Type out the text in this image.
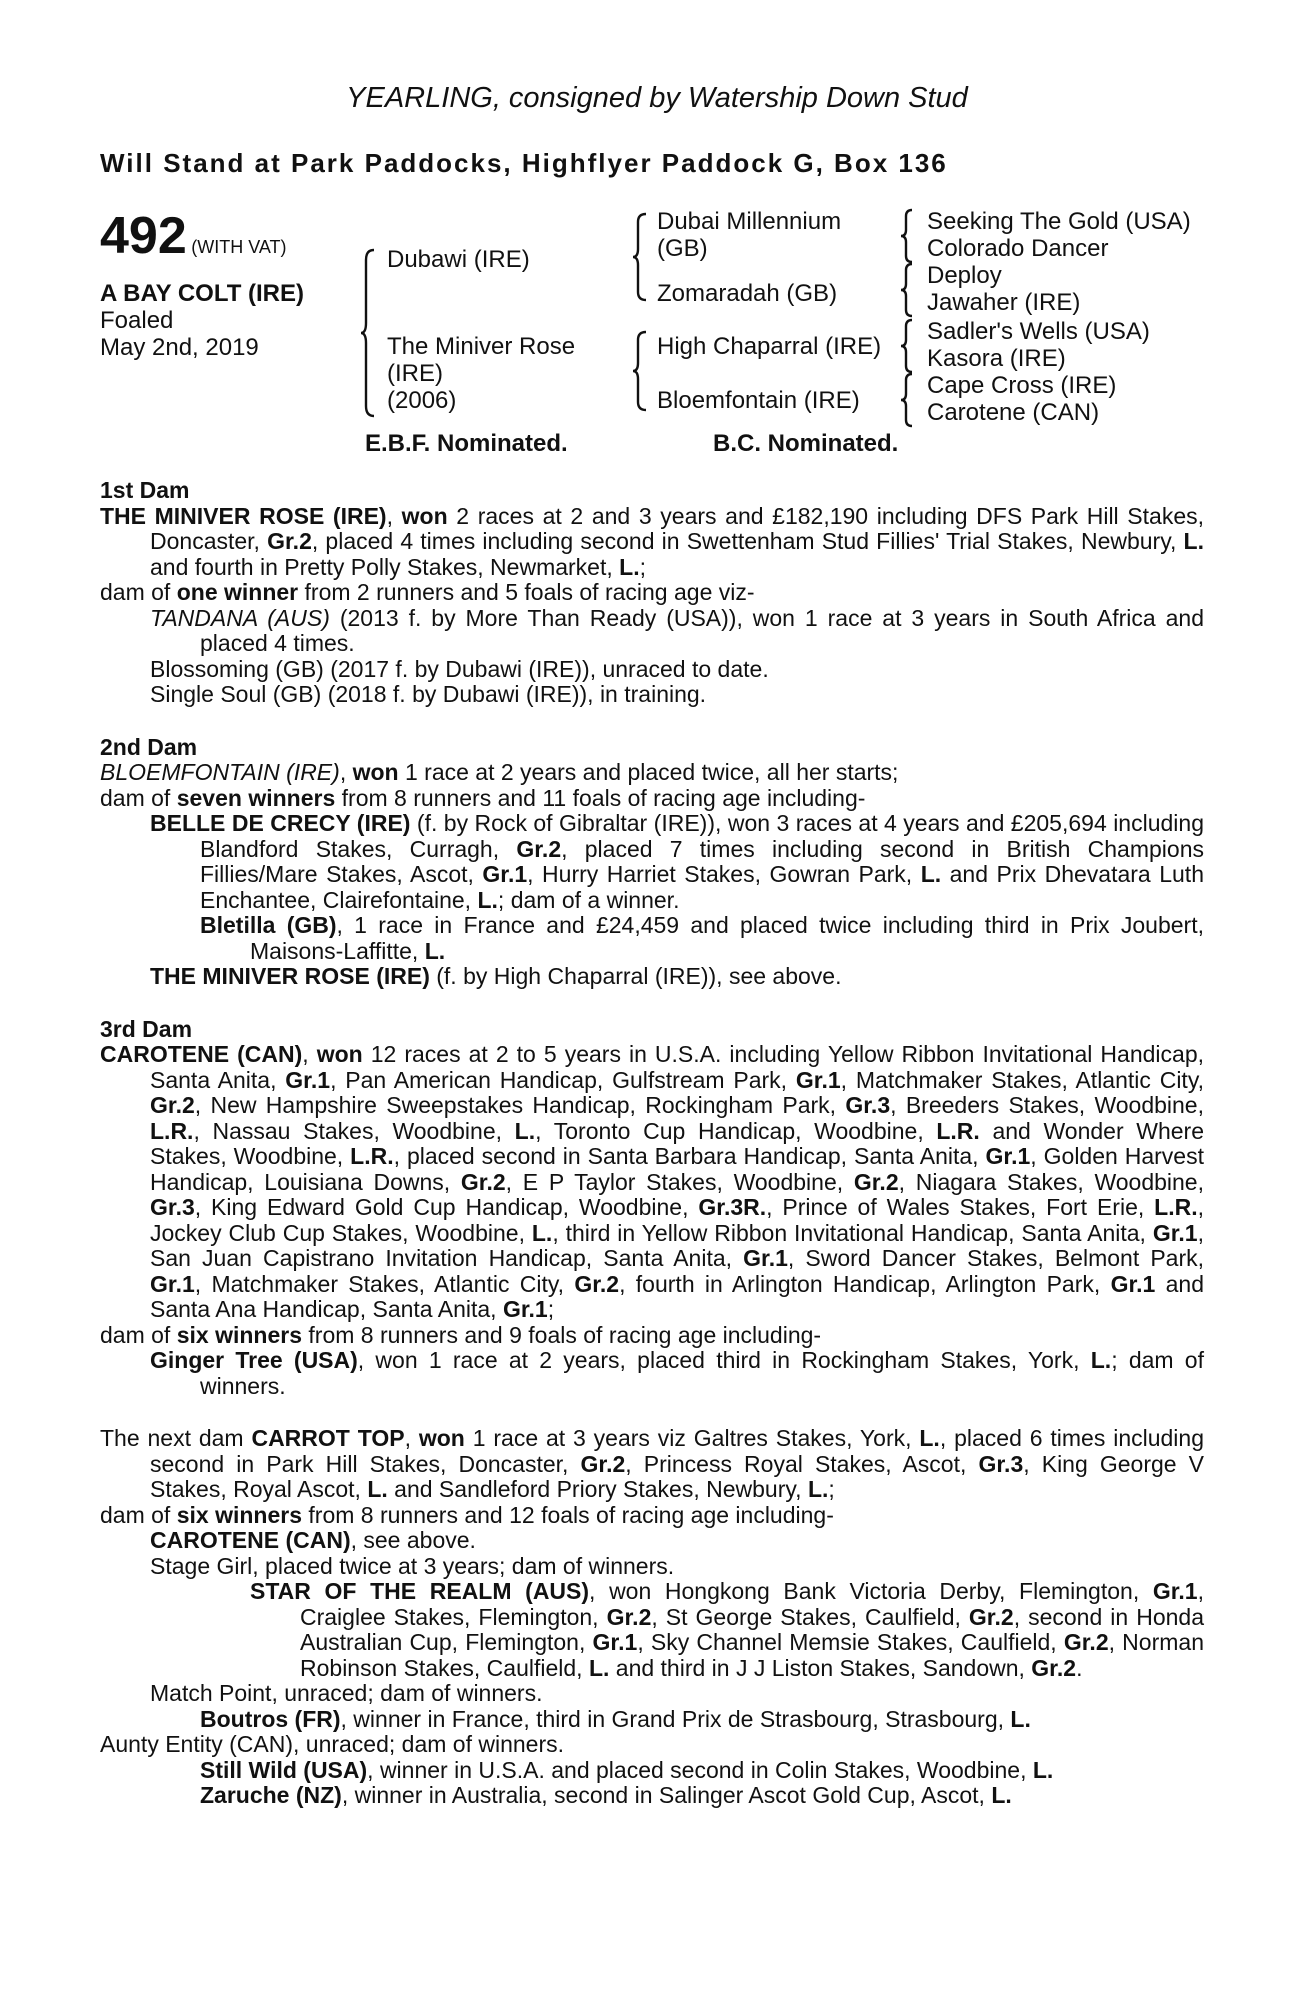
YEARLING, consigned by Watership Down Stud
Will Stand at Park Paddocks, Highflyer Paddock G, Box 136
492 (WITH VAT)
A BAY COLT (IRE)
Foaled
May 2nd, 2019
Dubawi (IRE)
The Miniver Rose
(IRE)
(2006)
Dubai Millennium
(GB)
Zomaradah (GB)
High Chaparral (IRE)
Bloemfontain (IRE)
Seeking The Gold (USA)
Colorado Dancer
Deploy
Jawaher (IRE)
Sadler's Wells (USA)
Kasora (IRE)
Cape Cross (IRE)
Carotene (CAN)
E.B.F. Nominated.	B.C. Nominated.
1st Dam

THE MINIVER ROSE (IRE), won 2 races at 2 and 3 years and £182,190 including DFS Park Hill Stakes, Doncaster, Gr.2, placed 4 times including second in Swettenham Stud Fillies' Trial Stakes, Newbury, L. and fourth in Pretty Polly Stakes, Newmarket, L.;

dam of one winner from 2 runners and 5 foals of racing age viz-

TANDANA (AUS) (2013 f. by More Than Ready (USA)), won 1 race at 3 years in South Africa and placed 4 times.

Blossoming (GB) (2017 f. by Dubawi (IRE)), unraced to date.

Single Soul (GB) (2018 f. by Dubawi (IRE)), in training.

2nd Dam

BLOEMFONTAIN (IRE), won 1 race at 2 years and placed twice, all her starts;

dam of seven winners from 8 runners and 11 foals of racing age including-

BELLE DE CRECY (IRE) (f. by Rock of Gibraltar (IRE)), won 3 races at 4 years and £205,694 including Blandford Stakes, Curragh, Gr.2, placed 7 times including second in British Champions Fillies/Mare Stakes, Ascot, Gr.1, Hurry Harriet Stakes, Gowran Park, L. and Prix Dhevatara Luth Enchantee, Clairefontaine, L.; dam of a winner.

Bletilla (GB), 1 race in France and £24,459 and placed twice including third in Prix Joubert, Maisons-Laffitte, L.

THE MINIVER ROSE (IRE) (f. by High Chaparral (IRE)), see above.

3rd Dam

CAROTENE (CAN), won 12 races at 2 to 5 years in U.S.A. including Yellow Ribbon Invitational Handicap, Santa Anita, Gr.1, Pan American Handicap, Gulfstream Park, Gr.1, Matchmaker Stakes, Atlantic City, Gr.2, New Hampshire Sweepstakes Handicap, Rockingham Park, Gr.3, Breeders Stakes, Woodbine, L.R., Nassau Stakes, Woodbine, L., Toronto Cup Handicap, Woodbine, L.R. and Wonder Where Stakes, Woodbine, L.R., placed second in Santa Barbara Handicap, Santa Anita, Gr.1, Golden Harvest Handicap, Louisiana Downs, Gr.2, E P Taylor Stakes, Woodbine, Gr.2, Niagara Stakes, Woodbine, Gr.3, King Edward Gold Cup Handicap, Woodbine, Gr.3R., Prince of Wales Stakes, Fort Erie, L.R., Jockey Club Cup Stakes, Woodbine, L., third in Yellow Ribbon Invitational Handicap, Santa Anita, Gr.1, San Juan Capistrano Invitation Handicap, Santa Anita, Gr.1, Sword Dancer Stakes, Belmont Park, Gr.1, Matchmaker Stakes, Atlantic City, Gr.2, fourth in Arlington Handicap, Arlington Park, Gr.1 and Santa Ana Handicap, Santa Anita, Gr.1;

dam of six winners from 8 runners and 9 foals of racing age including-

Ginger Tree (USA), won 1 race at 2 years, placed third in Rockingham Stakes, York, L.; dam of winners.

The next dam CARROT TOP, won 1 race at 3 years viz Galtres Stakes, York, L., placed 6 times including second in Park Hill Stakes, Doncaster, Gr.2, Princess Royal Stakes, Ascot, Gr.3, King George V Stakes, Royal Ascot, L. and Sandleford Priory Stakes, Newbury, L.;

dam of six winners from 8 runners and 12 foals of racing age including-

CAROTENE (CAN), see above.

Stage Girl, placed twice at 3 years; dam of winners.

STAR OF THE REALM (AUS), won Hongkong Bank Victoria Derby, Flemington, Gr.1, Craiglee Stakes, Flemington, Gr.2, St George Stakes, Caulfield, Gr.2, second in Honda Australian Cup, Flemington, Gr.1, Sky Channel Memsie Stakes, Caulfield, Gr.2, Norman Robinson Stakes, Caulfield, L. and third in J J Liston Stakes, Sandown, Gr.2.

Match Point, unraced; dam of winners.

Boutros (FR), winner in France, third in Grand Prix de Strasbourg, Strasbourg, L.

Aunty Entity (CAN), unraced; dam of winners.

Still Wild (USA), winner in U.S.A. and placed second in Colin Stakes, Woodbine, L.

Zaruche (NZ), winner in Australia, second in Salinger Ascot Gold Cup, Ascot, L.
